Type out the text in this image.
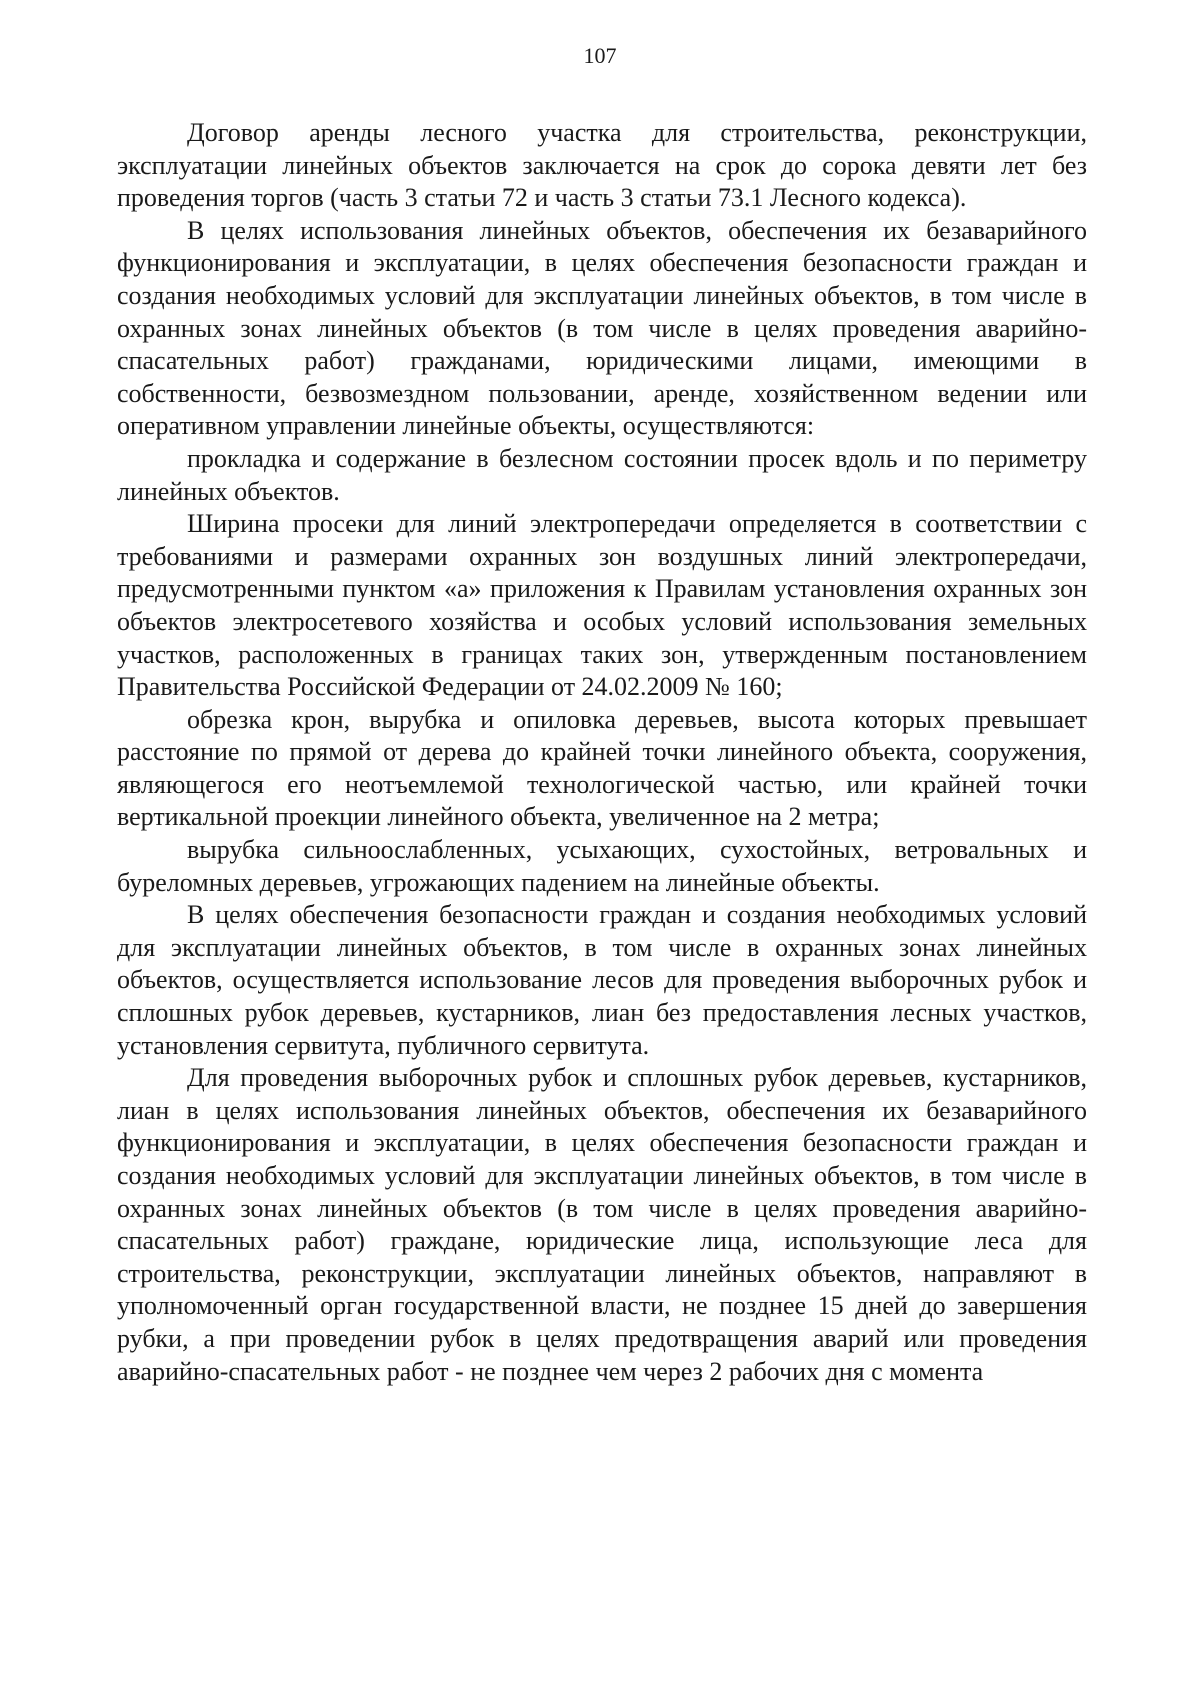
107

Договор аренды лесного участка для строительства, реконструкции, эксплуатации линейных объектов заключается на срок до сорока девяти лет без проведения торгов (часть 3 статьи 72 и часть 3 статьи 73.1 Лесного кодекса).

В целях использования линейных объектов, обеспечения их безаварийного функционирования и эксплуатации, в целях обеспечения безопасности граждан и создания необходимых условий для эксплуатации линейных объектов, в том числе в охранных зонах линейных объектов (в том числе в целях проведения аварийно-спасательных работ) гражданами, юридическими лицами, имеющими в собственности, безвозмездном пользовании, аренде, хозяйственном ведении или оперативном управлении линейные объекты, осуществляются:

прокладка и содержание в безлесном состоянии просек вдоль и по периметру линейных объектов.

Ширина просеки для линий электропередачи определяется в соответствии с требованиями и размерами охранных зон воздушных линий электропередачи, предусмотренными пунктом «а» приложения к Правилам установления охранных зон объектов электросетевого хозяйства и особых условий использования земельных участков, расположенных в границах таких зон, утвержденным постановлением Правительства Российской Федерации от 24.02.2009 № 160;

обрезка крон, вырубка и опиловка деревьев, высота которых превышает расстояние по прямой от дерева до крайней точки линейного объекта, сооружения, являющегося его неотъемлемой технологической частью, или крайней точки вертикальной проекции линейного объекта, увеличенное на 2 метра;

вырубка сильноослабленных, усыхающих, сухостойных, ветровальных и буреломных деревьев, угрожающих падением на линейные объекты.

В целях обеспечения безопасности граждан и создания необходимых условий для эксплуатации линейных объектов, в том числе в охранных зонах линейных объектов, осуществляется использование лесов для проведения выборочных рубок и сплошных рубок деревьев, кустарников, лиан без предоставления лесных участков, установления сервитута, публичного сервитута.

Для проведения выборочных рубок и сплошных рубок деревьев, кустарников, лиан в целях использования линейных объектов, обеспечения их безаварийного функционирования и эксплуатации, в целях обеспечения безопасности граждан и создания необходимых условий для эксплуатации линейных объектов, в том числе в охранных зонах линейных объектов (в том числе в целях проведения аварийно-спасательных работ) граждане, юридические лица, использующие леса для строительства, реконструкции, эксплуатации линейных объектов, направляют в уполномоченный орган государственной власти, не позднее 15 дней до завершения рубки, а при проведении рубок в целях предотвращения аварий или проведения аварийно-спасательных работ - не позднее чем через 2 рабочих дня с момента
